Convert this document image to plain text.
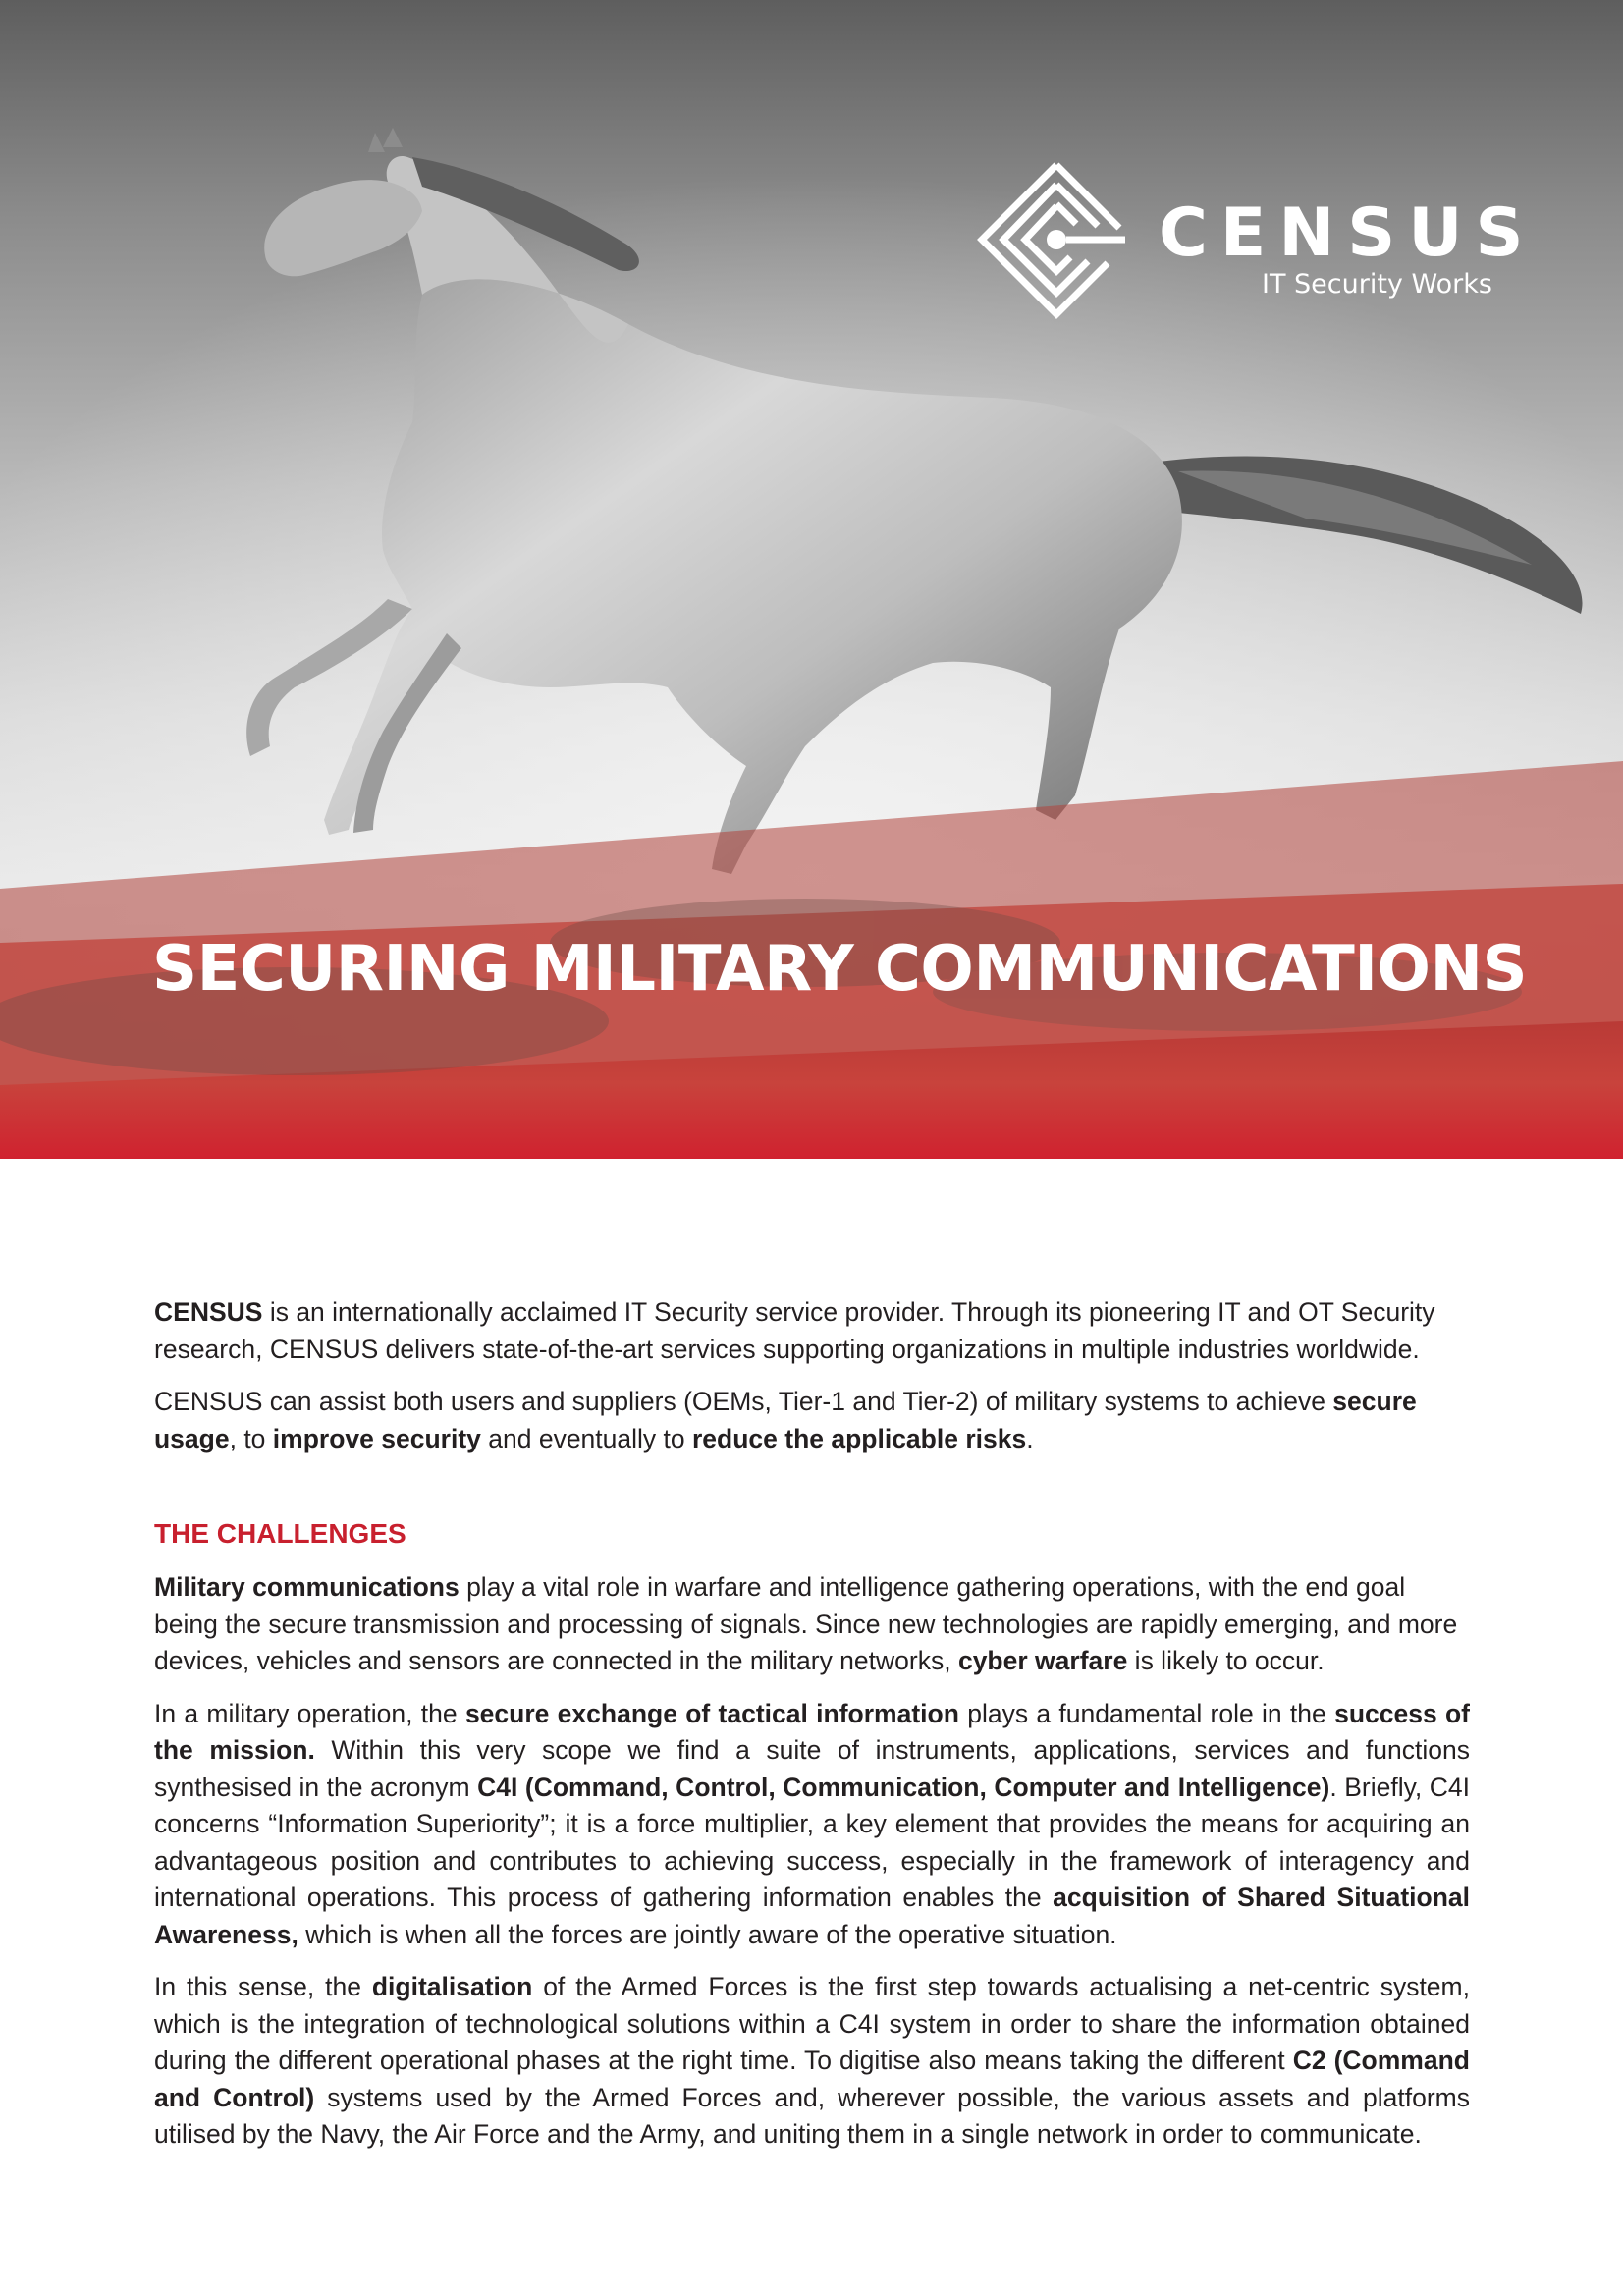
CENSUS
IT Security Works
SECURING MILITARY COMMUNICATIONS

CENSUS is an internationally acclaimed IT Security service provider. Through its pioneering IT and OT Security research, CENSUS delivers state-of-the-art services supporting organizations in multiple industries worldwide.

CENSUS can assist both users and suppliers (OEMs, Tier-1 and Tier-2) of military systems to achieve secure usage, to improve security and eventually to reduce the applicable risks.

THE CHALLENGES

Military communications play a vital role in warfare and intelligence gathering operations, with the end goal being the secure transmission and processing of signals. Since new technologies are rapidly emerging, and more devices, vehicles and sensors are connected in the military networks, cyber warfare is likely to occur.

In a military operation, the secure exchange of tactical information plays a fundamental role in the success of the mission. Within this very scope we find a suite of instruments, applications, services and functions synthesised in the acronym C4I (Command, Control, Communication, Computer and Intelligence). Briefly, C4I concerns “Information Superiority”; it is a force multiplier, a key element that provides the means for acquiring an advantageous position and contributes to achieving success, especially in the framework of interagency and international operations. This process of gathering information enables the acquisition of Shared Situational Awareness, which is when all the forces are jointly aware of the operative situation.

In this sense, the digitalisation of the Armed Forces is the first step towards actualising a net-centric system, which is the integration of technological solutions within a C4I system in order to share the information obtained during the different operational phases at the right time. To digitise also means taking the different C2 (Command and Control) systems used by the Armed Forces and, wherever possible, the various assets and platforms utilised by the Navy, the Air Force and the Army, and uniting them in a single network in order to communicate.
